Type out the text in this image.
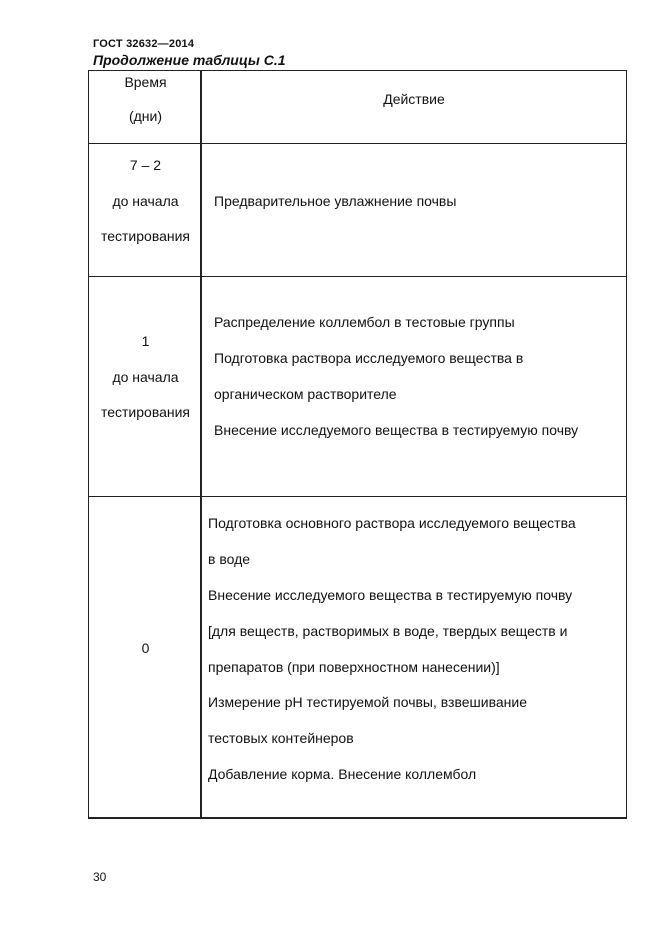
ГОСТ 32632—2014
Продолжение таблицы С.1
Время
(дни)
Действие
7 – 2
до начала
тестирования
Предварительное увлажнение почвы
1
до начала
тестирования
Распределение коллембол в тестовые группы
Подготовка раствора исследуемого вещества в
органическом растворителе
Внесение исследуемого вещества в тестируемую почву
0
Подготовка основного раствора исследуемого вещества
в воде
Внесение исследуемого вещества в тестируемую почву
[для веществ, растворимых в воде, твердых веществ и
препаратов (при поверхностном нанесении)]
Измерение pH тестируемой почвы, взвешивание
тестовых контейнеров
Добавление корма. Внесение коллембол
30
